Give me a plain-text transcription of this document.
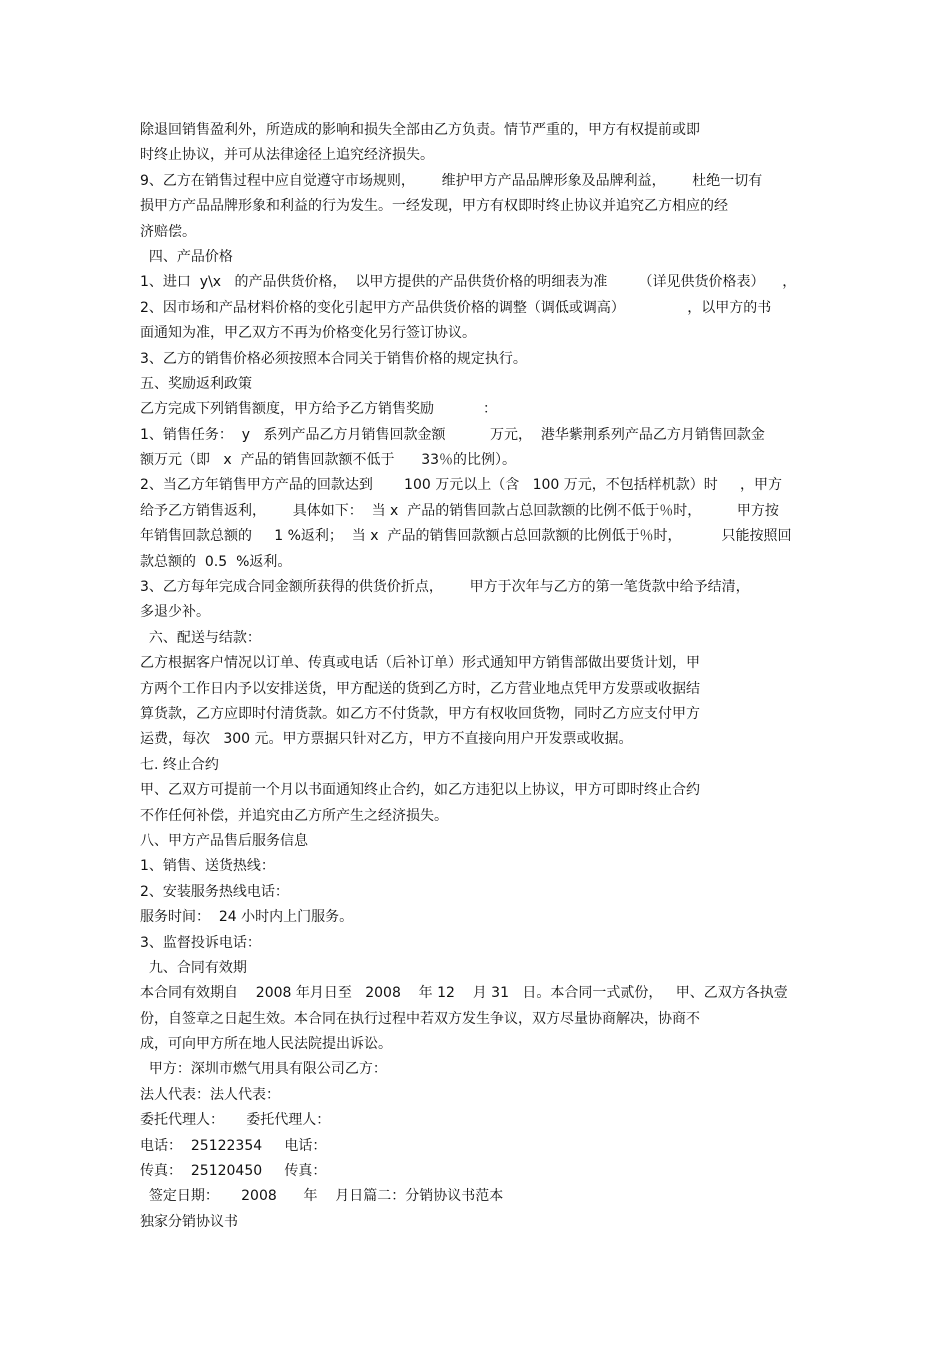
除退回销售盈利外，所造成的影响和损失全部由乙方负责。情节严重的，甲方有权提前或即
时终止协议，并可从法律途径上追究经济损失。
9、乙方在销售过程中应自觉遵守市场规则，      维护甲方产品品牌形象及品牌利益，      杜绝一切有
损甲方产品品牌形象和利益的行为发生。一经发现，甲方有权即时终止协议并追究乙方相应的经
济赔偿。
四、产品价格
1、进口  y\x   的产品供货价格，  以甲方提供的产品供货价格的明细表为准       （详见供货价格表）    ，
2、因市场和产品材料价格的变化引起甲方产品供货价格的调整（调低或调高）              ，以甲方的书
面通知为准，甲乙双方不再为价格变化另行签订协议。
3、乙方的销售价格必须按照本合同关于销售价格的规定执行。
五、奖励返利政策
乙方完成下列销售额度，甲方给予乙方销售奖励           ：
1、销售任务：  y   系列产品乙方月销售回款金额          万元，  港华紫荆系列产品乙方月销售回款金
额万元（即   x  产品的销售回款额不低于      33％的比例）。
2、当乙方年销售甲方产品的回款达到       100 万元以上（含   100 万元，不包括样机款）时     ，甲方
给予乙方销售返利，      具体如下：  当 x  产品的销售回款占总回款额的比例不低于％时，        甲方按
年销售回款总额的     1 %返利；  当 x  产品的销售回款额占总回款额的比例低于％时，         只能按照回
款总额的  0.5  %返利。
3、乙方每年完成合同金额所获得的供货价折点，      甲方于次年与乙方的第一笔货款中给予结清，
多退少补。
六、配送与结款：
乙方根据客户情况以订单、传真或电话（后补订单）形式通知甲方销售部做出要货计划，甲
方两个工作日内予以安排送货，甲方配送的货到乙方时，乙方营业地点凭甲方发票或收据结
算货款，乙方应即时付清货款。如乙方不付货款，甲方有权收回货物，同时乙方应支付甲方
运费，每次   300 元。甲方票据只针对乙方，甲方不直接向用户开发票或收据。
七. 终止合约
甲、乙双方可提前一个月以书面通知终止合约，如乙方违犯以上协议，甲方可即时终止合约
不作任何补偿，并追究由乙方所产生之经济损失。
八、甲方产品售后服务信息
1、销售、送货热线：
2、安装服务热线电话：
服务时间：  24 小时内上门服务。
3、监督投诉电话：
九、合同有效期
本合同有效期自    2008 年月日至   2008    年 12    月 31   日。本合同一式贰份，   甲、乙双方各执壹
份，自签章之日起生效。本合同在执行过程中若双方发生争议，双方尽量协商解决，协商不
成，可向甲方所在地人民法院提出诉讼。
甲方：深圳市燃气用具有限公司乙方：
法人代表：法人代表：
委托代理人：     委托代理人：
电话：  25122354     电话：
传真：  25120450     传真：
签定日期：     2008      年    月日篇二：分销协议书范本
独家分销协议书
